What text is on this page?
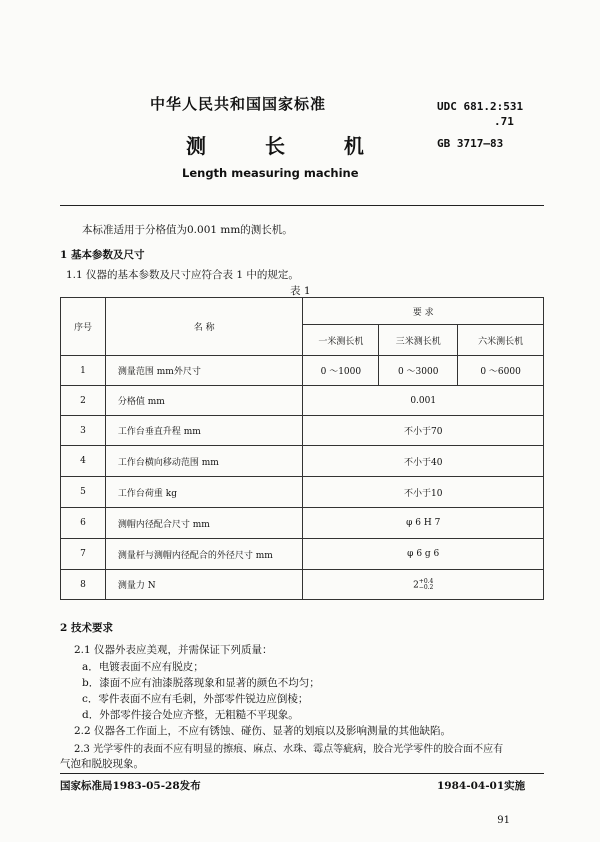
中华人民共和国国家标准	UDC 681.2:531
.71
GB 3717—83
测 长 机
Length measuring machine
本标准适用于分格值为0.001 mm的测长机。
1 基本参数及尺寸
1.1 仪器的基本参数及尺寸应符合表 1 中的规定。
表 1
序号	名 称	要 求		
		一米测长机	三米测长机	六米测长机
1	测量范围 mm外尺寸	0 ～1000	0 ～3000	0 ～6000
2	分格值 mm	0.001		
3	工作台垂直升程 mm	不小于70		
4	工作台横向移动范围 mm	不小于40		
5	工作台荷重 kg	不小于10		
6	测帽内径配合尺寸 mm	φ 6 H 7		
7	测量杆与测帽内径配合的外径尺寸 mm	φ 6 g 6		
8	测量力 N	2+0.4
−0.2		
2 技术要求
2.1 仪器外表应美观，并需保证下列质量：
a．电镀表面不应有脱皮；
b．漆面不应有油漆脱落现象和显著的颜色不均匀；
c．零件表面不应有毛刺，外部零件锐边应倒棱；
d．外部零件接合处应齐整，无粗糙不平现象。
2.2 仪器各工作面上，不应有锈蚀、碰伤、显著的划痕以及影响测量的其他缺陷。
2.3 光学零件的表面不应有明显的擦痕、麻点、水珠、霉点等疵病，胶合光学零件的胶合面不应有
气泡和脱胶现象。
国家标准局1983-05-28发布	1984-04-01实施
91
